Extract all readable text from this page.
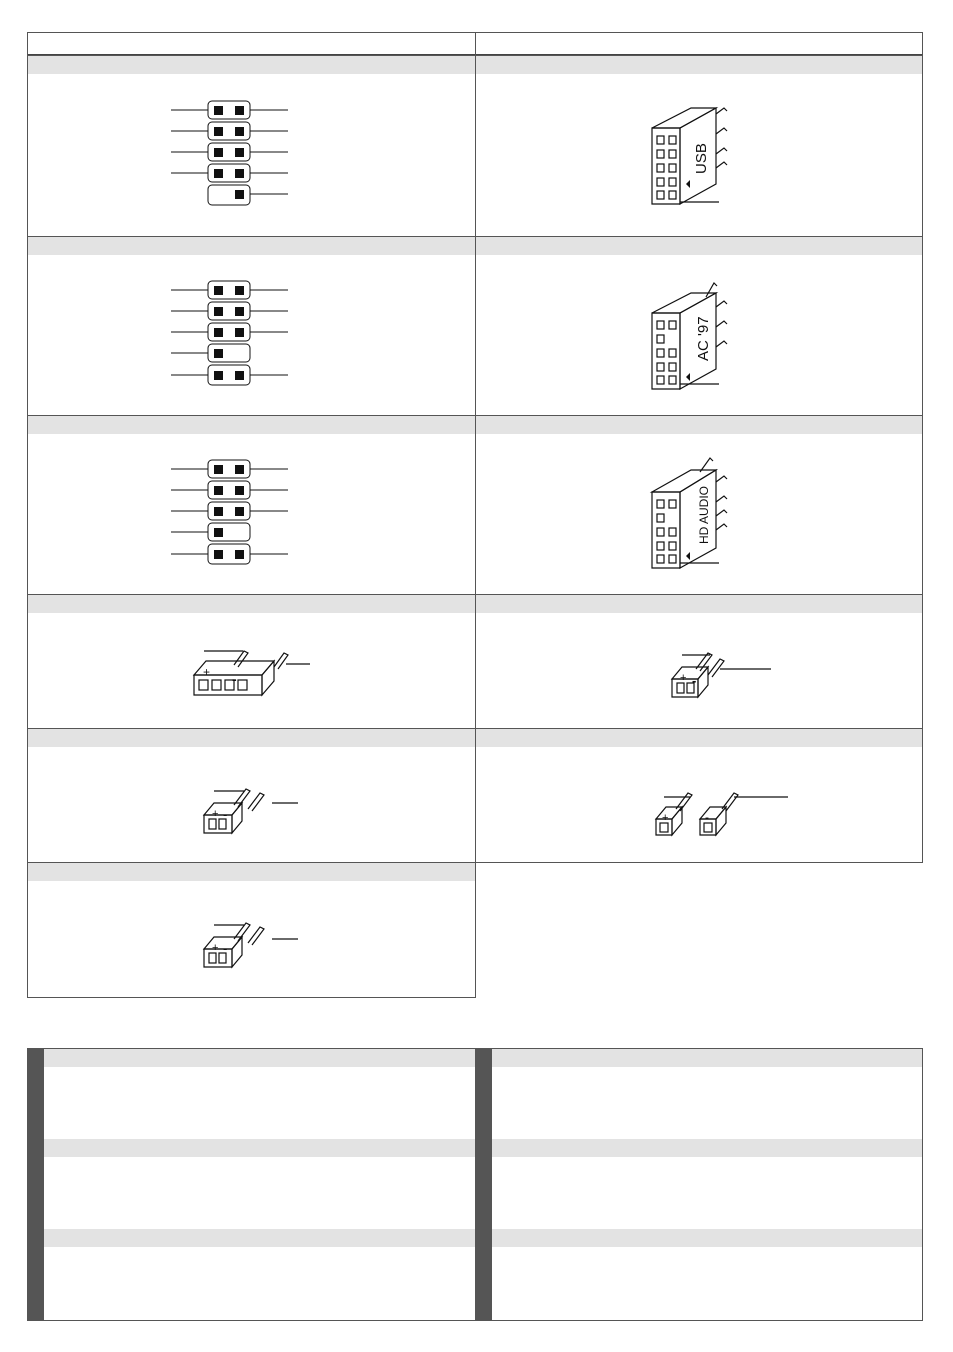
USB
AC '97
HD AUDIO
+ -	+ -
+ -	+	-
+ -
